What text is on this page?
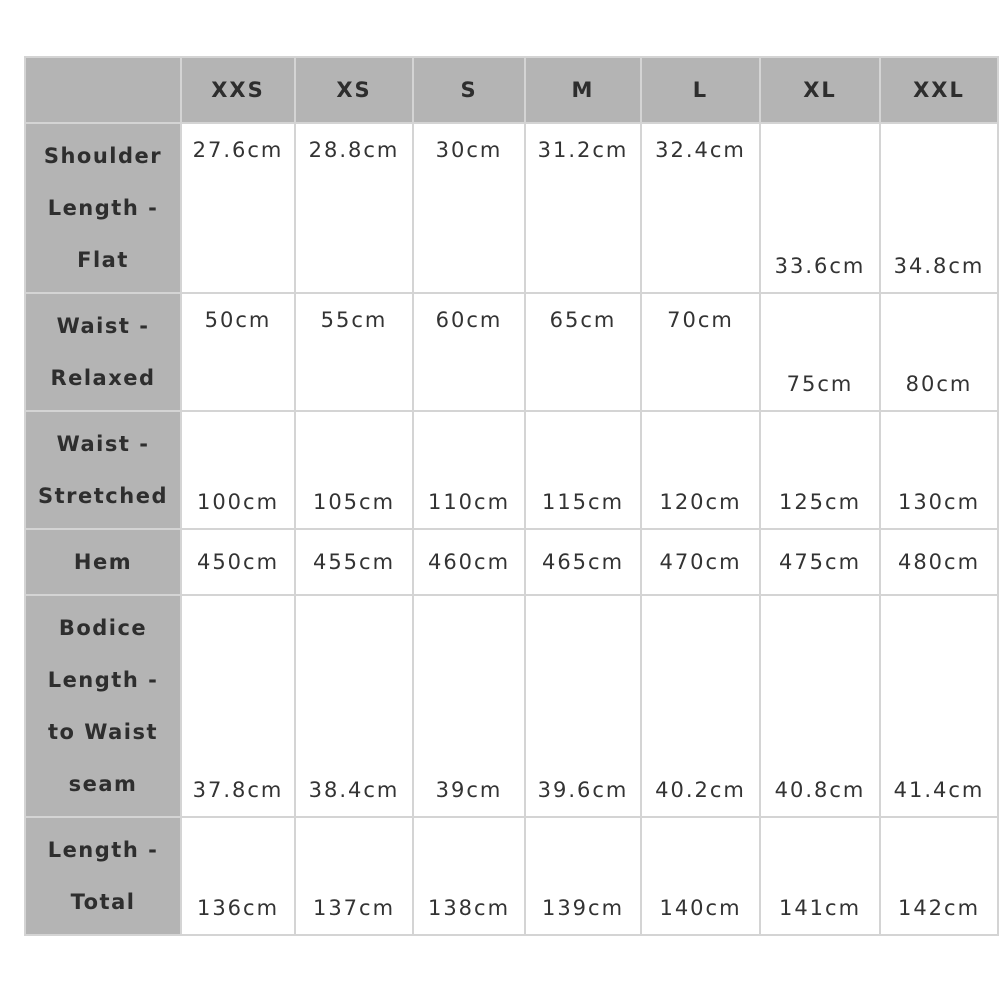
	XXS	XS	S	M	L	XL	XXL

Shoulder
Length -
Flat	27.6cm	28.8cm	30cm	31.2cm	32.4cm	33.6cm	34.8cm

Waist -
Relaxed	50cm	55cm	60cm	65cm	70cm	75cm	80cm

Waist -
Stretched	100cm	105cm	110cm	115cm	120cm	125cm	130cm

Hem	450cm	455cm	460cm	465cm	470cm	475cm	480cm

Bodice
Length -
to Waist
seam	37.8cm	38.4cm	39cm	39.6cm	40.2cm	40.8cm	41.4cm

Length -
Total	136cm	137cm	138cm	139cm	140cm	141cm	142cm
